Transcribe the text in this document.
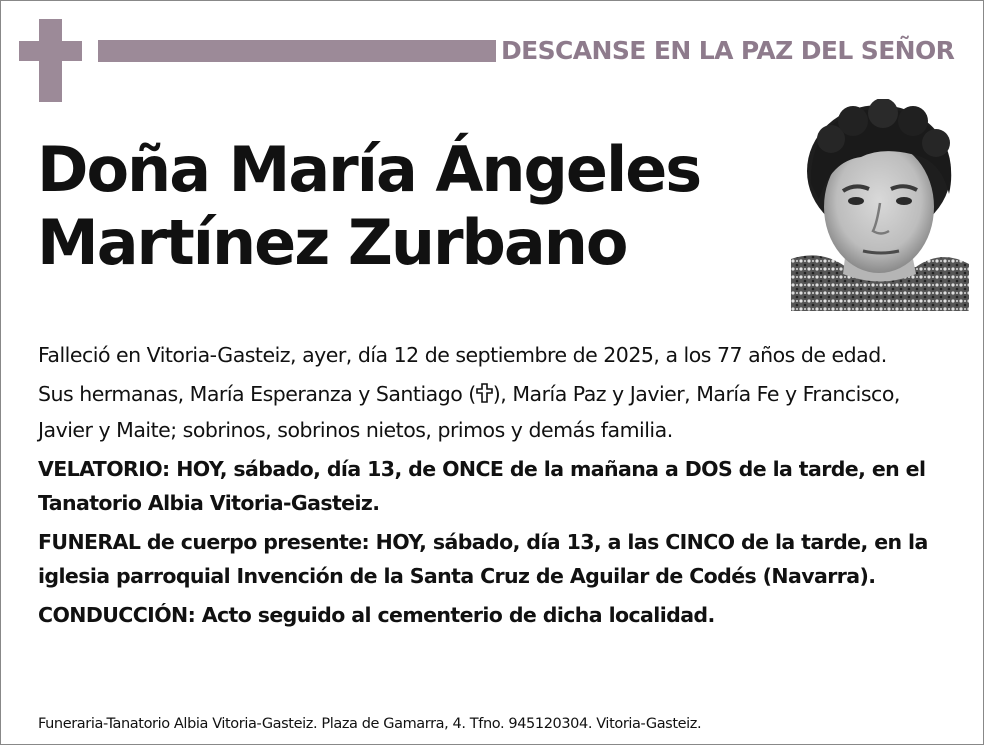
DESCANSE EN LA PAZ DEL SEÑOR
Doña María Ángeles
Martínez Zurbano

Falleció en Vitoria-Gasteiz, ayer, día 12 de septiembre de 2025, a los 77 años de edad.

Sus hermanas, María Esperanza y Santiago ( ), María Paz y Javier, María Fe y Francisco, Javier y Maite; sobrinos, sobrinos nietos, primos y demás familia.

VELATORIO: HOY, sábado, día 13, de ONCE de la mañana a DOS de la tarde, en el Tanatorio Albia Vitoria-Gasteiz.

FUNERAL de cuerpo presente: HOY, sábado, día 13, a las CINCO de la tarde, en la iglesia parroquial Invención de la Santa Cruz de Aguilar de Codés (Navarra).

CONDUCCIÓN: Acto seguido al cementerio de dicha localidad.

Funeraria-Tanatorio Albia Vitoria-Gasteiz. Plaza de Gamarra, 4. Tfno. 945120304. Vitoria-Gasteiz.
